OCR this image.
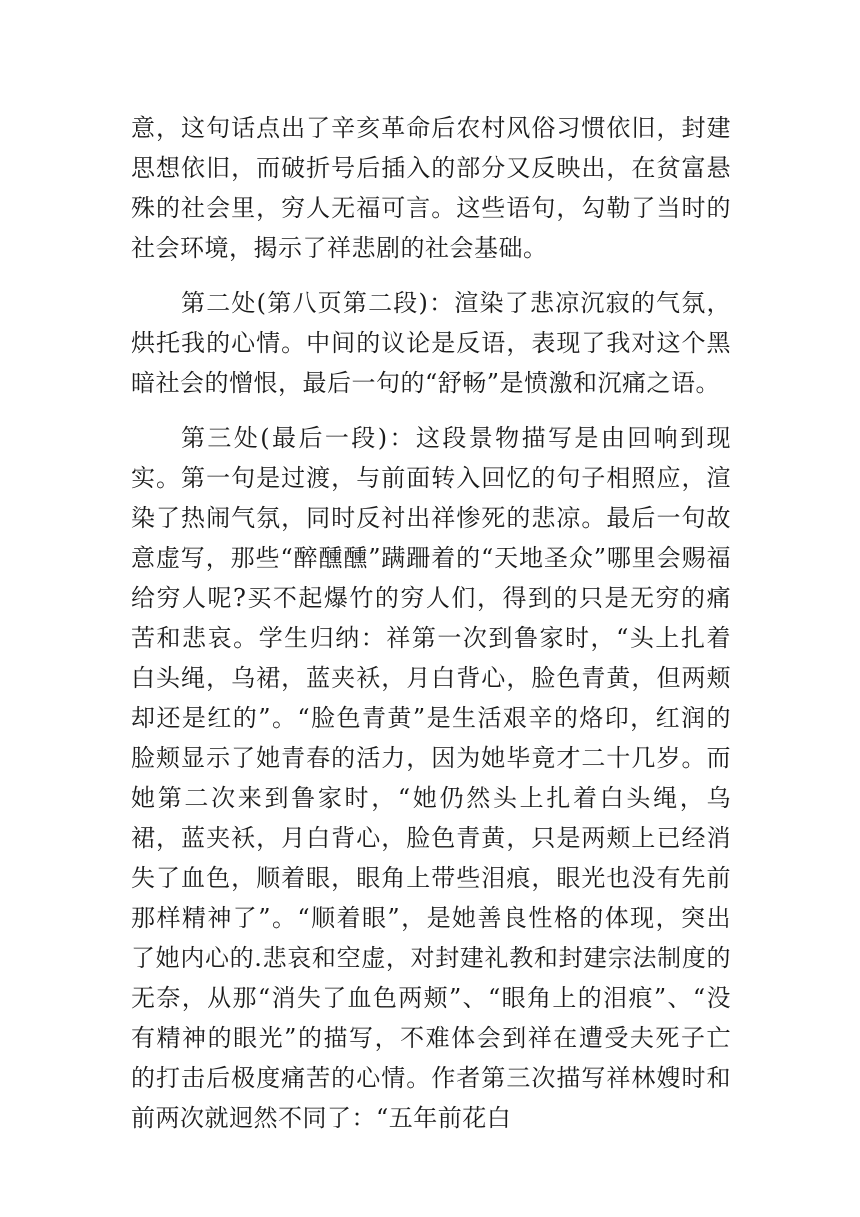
意，这句话点出了辛亥革命后农村风俗习惯依旧，封建思想依旧，而破折号后插入的部分又反映出，在贫富悬殊的社会里，穷人无福可言。这些语句，勾勒了当时的社会环境，揭示了祥悲剧的社会基础。

第二处(第八页第二段)：渲染了悲凉沉寂的气氛，烘托我的心情。中间的议论是反语，表现了我对这个黑暗社会的憎恨，最后一句的“舒畅”是愤激和沉痛之语。

第三处(最后一段)：这段景物描写是由回响到现实。第一句是过渡，与前面转入回忆的句子相照应，渲染了热闹气氛，同时反衬出祥惨死的悲凉。最后一句故意虚写，那些“醉醺醺”蹒跚着的“天地圣众”哪里会赐福给穷人呢?买不起爆竹的穷人们，得到的只是无穷的痛苦和悲哀。学生归纳：祥第一次到鲁家时，“头上扎着白头绳，乌裙，蓝夹袄，月白背心，脸色青黄，但两颊却还是红的”。“脸色青黄”是生活艰辛的烙印，红润的脸颊显示了她青春的活力，因为她毕竟才二十几岁。而她第二次来到鲁家时，“她仍然头上扎着白头绳，乌裙，蓝夹袄，月白背心，脸色青黄，只是两颊上已经消失了血色，顺着眼，眼角上带些泪痕，眼光也没有先前那样精神了”。“顺着眼”，是她善良性格的体现，突出了她内心的.悲哀和空虚，对封建礼教和封建宗法制度的无奈，从那“消失了血色两颊”、“眼角上的泪痕”、“没有精神的眼光”的描写，不难体会到祥在遭受夫死子亡的打击后极度痛苦的心情。作者第三次描写祥林嫂时和前两次就迥然不同了：“五年前花白
